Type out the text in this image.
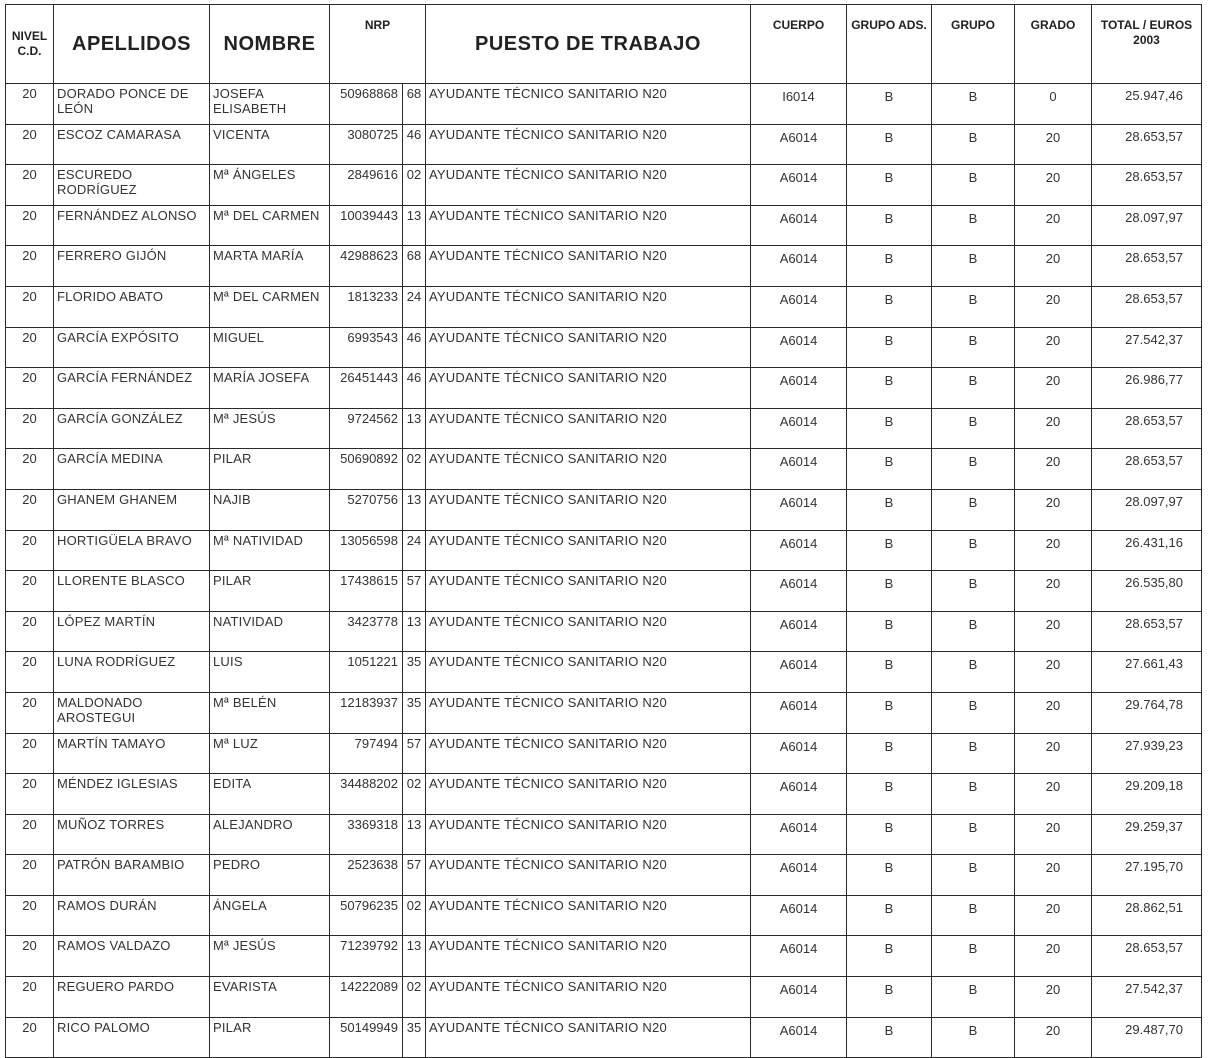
NIVEL C.D.	APELLIDOS	NOMBRE	NRP		PUESTO DE TRABAJO	CUERPO	GRUPO ADS.	GRUPO	GRADO	TOTAL / EUROS 2003
20	DORADO PONCE DE LEÓN	JOSEFA ELISABETH	50968868	68	AYUDANTE TÉCNICO SANITARIO N20	I6014	B	B	0	25.947,46
20	ESCOZ CAMARASA	VICENTA	3080725	46	AYUDANTE TÉCNICO SANITARIO N20	A6014	B	B	20	28.653,57
20	ESCUREDO RODRÍGUEZ	Mª ÁNGELES	2849616	02	AYUDANTE TÉCNICO SANITARIO N20	A6014	B	B	20	28.653,57
20	FERNÁNDEZ ALONSO	Mª DEL CARMEN	10039443	13	AYUDANTE TÉCNICO SANITARIO N20	A6014	B	B	20	28.097,97
20	FERRERO GIJÓN	MARTA MARÍA	42988623	68	AYUDANTE TÉCNICO SANITARIO N20	A6014	B	B	20	28.653,57
20	FLORIDO ABATO	Mª DEL CARMEN	1813233	24	AYUDANTE TÉCNICO SANITARIO N20	A6014	B	B	20	28.653,57
20	GARCÍA EXPÓSITO	MIGUEL	6993543	46	AYUDANTE TÉCNICO SANITARIO N20	A6014	B	B	20	27.542,37
20	GARCÍA FERNÁNDEZ	MARÍA JOSEFA	26451443	46	AYUDANTE TÉCNICO SANITARIO N20	A6014	B	B	20	26.986,77
20	GARCÍA GONZÁLEZ	Mª JESÚS	9724562	13	AYUDANTE TÉCNICO SANITARIO N20	A6014	B	B	20	28.653,57
20	GARCÍA MEDINA	PILAR	50690892	02	AYUDANTE TÉCNICO SANITARIO N20	A6014	B	B	20	28.653,57
20	GHANEM GHANEM	NAJIB	5270756	13	AYUDANTE TÉCNICO SANITARIO N20	A6014	B	B	20	28.097,97
20	HORTIGÜELA BRAVO	Mª NATIVIDAD	13056598	24	AYUDANTE TÉCNICO SANITARIO N20	A6014	B	B	20	26.431,16
20	LLORENTE BLASCO	PILAR	17438615	57	AYUDANTE TÉCNICO SANITARIO N20	A6014	B	B	20	26.535,80
20	LÓPEZ MARTÍN	NATIVIDAD	3423778	13	AYUDANTE TÉCNICO SANITARIO N20	A6014	B	B	20	28.653,57
20	LUNA RODRÍGUEZ	LUIS	1051221	35	AYUDANTE TÉCNICO SANITARIO N20	A6014	B	B	20	27.661,43
20	MALDONADO AROSTEGUI	Mª BELÉN	12183937	35	AYUDANTE TÉCNICO SANITARIO N20	A6014	B	B	20	29.764,78
20	MARTÍN TAMAYO	Mª LUZ	797494	57	AYUDANTE TÉCNICO SANITARIO N20	A6014	B	B	20	27.939,23
20	MÉNDEZ IGLESIAS	EDITA	34488202	02	AYUDANTE TÉCNICO SANITARIO N20	A6014	B	B	20	29.209,18
20	MUÑOZ TORRES	ALEJANDRO	3369318	13	AYUDANTE TÉCNICO SANITARIO N20	A6014	B	B	20	29.259,37
20	PATRÓN BARAMBIO	PEDRO	2523638	57	AYUDANTE TÉCNICO SANITARIO N20	A6014	B	B	20	27.195,70
20	RAMOS DURÁN	ÁNGELA	50796235	02	AYUDANTE TÉCNICO SANITARIO N20	A6014	B	B	20	28.862,51
20	RAMOS VALDAZO	Mª JESÚS	71239792	13	AYUDANTE TÉCNICO SANITARIO N20	A6014	B	B	20	28.653,57
20	REGUERO PARDO	EVARISTA	14222089	02	AYUDANTE TÉCNICO SANITARIO N20	A6014	B	B	20	27.542,37
20	RICO PALOMO	PILAR	50149949	35	AYUDANTE TÉCNICO SANITARIO N20	A6014	B	B	20	29.487,70
